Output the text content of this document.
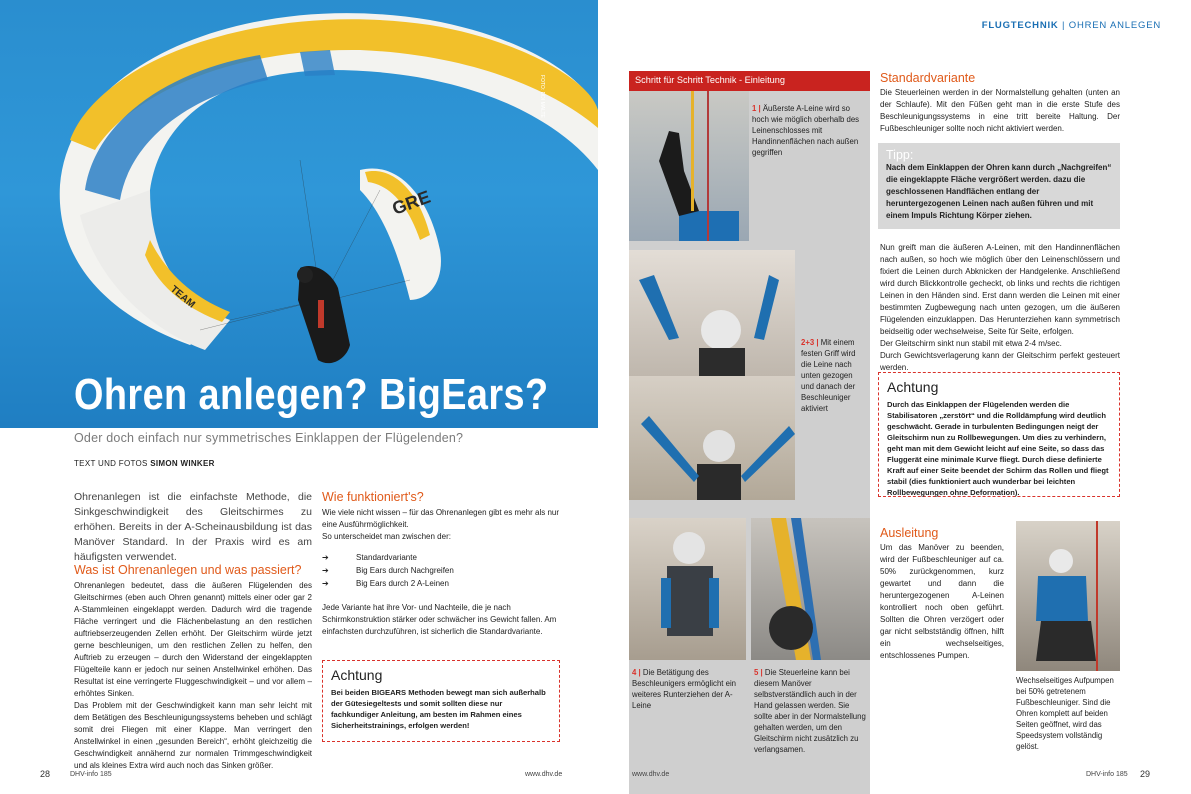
GRE
TEAM
FOTO: DDI MALTE
Ohren anlegen? BigEars?
Oder doch einfach nur symmetrisches Einklappen der Flügelenden?
TEXT UND FOTOS SIMON WINKER
Ohrenanlegen ist die einfachste Methode, die Sinkgeschwindigkeit des Gleitschirmes zu erhöhen. Bereits in der A-Scheinausbildung ist das Manöver Standard. In der Praxis wird es am häufigsten verwendet.
Was ist Ohrenanlegen und was passiert?
Ohrenanlegen bedeutet, dass die äußeren Flügelenden des Gleitschirmes (eben auch Ohren genannt) mittels einer oder gar 2 A-Stammleinen eingeklappt werden. Dadurch wird die tragende Fläche verringert und die Flächenbelastung an den restlichen auftriebserzeugenden Zellen erhöht. Der Gleitschirm würde jetzt gerne beschleunigen, um den restlichen Zellen zu helfen, den Auftrieb zu erzeugen – durch den Widerstand der eingeklappten Flügelteile kann er jedoch nur seinen Anstellwinkel erhöhen. Das Resultat ist eine verringerte Fluggeschwindigkeit – und vor allem – erhöhtes Sinken.
Das Problem mit der Geschwindigkeit kann man sehr leicht mit dem Betätigen des Beschleunigungssystems beheben und schlägt somit drei Fliegen mit einer Klappe. Man verringert den Anstellwinkel in einen „gesunden Bereich“, erhöht gleichzeitig die Geschwindigkeit annähernd zur normalen Trimmgeschwindigkeit und als kleines Extra wird auch noch das Sinken größer.
Wie funktioniert's?
Wie viele nicht wissen – für das Ohrenanlegen gibt es mehr als nur eine Ausführmöglichkeit.
So unterscheidet man zwischen der:
➔	Standardvariante
➔	Big Ears durch Nachgreifen
➔	Big Ears durch 2 A-Leinen
Jede Variante hat ihre Vor- und Nachteile, die je nach Schirmkonstruktion stärker oder schwächer ins Gewicht fallen. Am einfachsten durchzuführen, ist sicherlich die Standardvariante.
Achtung
Bei beiden BIGEARS Methoden bewegt man sich außerhalb der Gütesiegeltests und somit sollten diese nur fachkundiger Anleitung, am besten im Rahmen eines Sicherheitstrainings, erfolgen werden!
28	DHV-info 185	www.dhv.de
FLUGTECHNIK | OHREN ANLEGEN
Schritt für Schritt Technik - Einleitung
1 | Äußerste A-Leine wird so hoch wie möglich oberhalb des Leinenschlosses mit Handinnenflächen nach außen gegriffen
2+3 | Mit einem festen Griff wird die Leine nach unten gezogen und danach der Beschleuniger aktiviert
4 | Die Betätigung des Beschleunigers ermöglicht ein weiteres Runterziehen der A-Leine
5 | Die Steuerleine kann bei diesem Manöver selbstverständlich auch in der Hand gelassen werden. Sie sollte aber in der Normalstellung gehalten werden, um den Gleitschirm nicht zusätzlich zu verlangsamen.
Standardvariante
Die Steuerleinen werden in der Normalstellung gehalten (unten an der Schlaufe). Mit den Füßen geht man in die erste Stufe des Beschleunigungssystems in eine tritt bereite Haltung. Der Fußbeschleuniger sollte noch nicht aktiviert werden.
Tipp:
Nach dem Einklappen der Ohren kann durch „Nachgreifen“ die eingeklappte Fläche vergrößert werden. dazu die geschlossenen Handflächen entlang der heruntergezogenen Leinen nach außen führen und mit einem Impuls Richtung Körper ziehen.
Nun greift man die äußeren A-Leinen, mit den Handinnenflächen nach außen, so hoch wie möglich über den Leinenschlössern und fixiert die Leinen durch Abknicken der Handgelenke. Anschließend wird durch Blickkontrolle gecheckt, ob links und rechts die richtigen Leinen in den Händen sind. Erst dann werden die Leinen mit einer bestimmten Zugbewegung nach unten gezogen, um die äußeren Flügelenden einzuklappen. Das Herunterziehen kann symmetrisch beidseitig oder wechselweise, Seite für Seite, erfolgen.
Der Gleitschirm sinkt nun stabil mit etwa 2-4 m/sec.
Durch Gewichtsverlagerung kann der Gleitschirm perfekt gesteuert werden.
Achtung
Durch das Einklappen der Flügelenden werden die Stabilisatoren „zerstört“ und die Rolldämpfung wird deutlich geschwächt. Gerade in turbulenten Bedingungen neigt der Gleitschirm nun zu Rollbewegungen. Um dies zu verhindern, geht man mit dem Gewicht leicht auf eine Seite, so dass das Fluggerät eine minimale Kurve fliegt. Durch diese definierte Kraft auf einer Seite beendet der Schirm das Rollen und fliegt stabil (dies funktioniert auch wunderbar bei leichten Rollbewegungen ohne Deformation).
Ausleitung
Um das Manöver zu beenden, wird der Fußbeschleuniger auf ca. 50% zurückgenommen, kurz gewartet und dann die heruntergezogenen A-Leinen kontrolliert noch oben geführt. Sollten die Ohren verzögert oder gar nicht selbstständig öffnen, hilft ein wechselseitiges, entschlossenes Pumpen.
Wechselseitiges Aufpumpen bei 50% getretenem Fußbeschleuniger. Sind die Ohren komplett auf beiden Seiten geöffnet, wird das Speedsystem vollständig gelöst.
www.dhv.de	DHV-info 185 29
